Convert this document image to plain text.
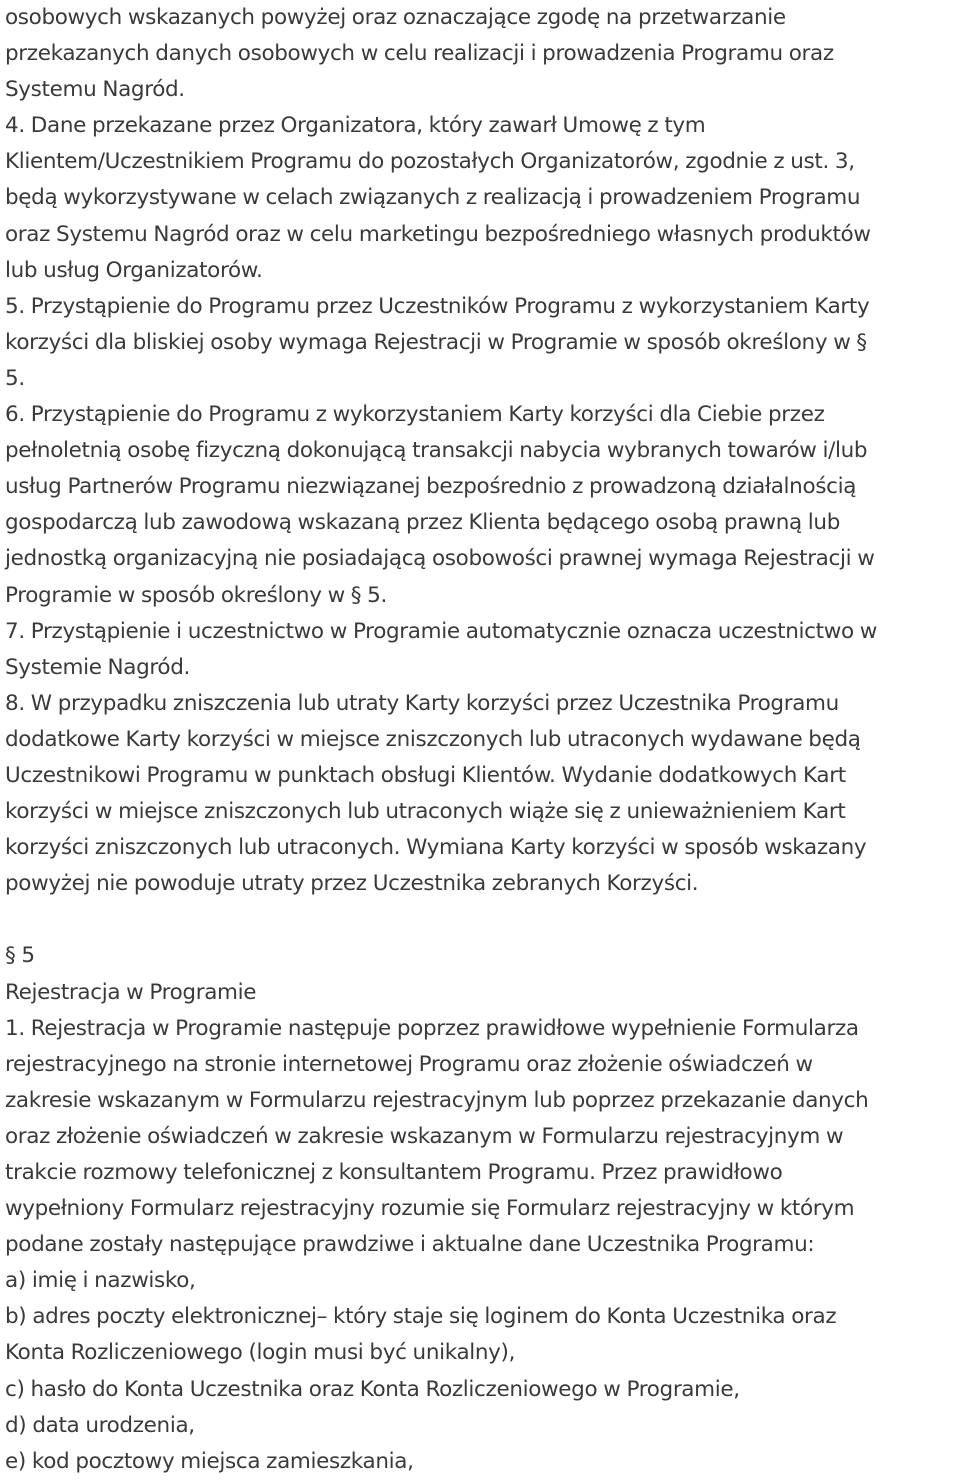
osobowych wskazanych powyżej oraz oznaczające zgodę na przetwarzanie
przekazanych danych osobowych w celu realizacji i prowadzenia Programu oraz
Systemu Nagród.
4. Dane przekazane przez Organizatora, który zawarł Umowę z tym
Klientem/Uczestnikiem Programu do pozostałych Organizatorów, zgodnie z ust. 3,
będą wykorzystywane w celach związanych z realizacją i prowadzeniem Programu
oraz Systemu Nagród oraz w celu marketingu bezpośredniego własnych produktów
lub usług Organizatorów.
5. Przystąpienie do Programu przez Uczestników Programu z wykorzystaniem Karty
korzyści dla bliskiej osoby wymaga Rejestracji w Programie w sposób określony w §
5.
6. Przystąpienie do Programu z wykorzystaniem Karty korzyści dla Ciebie przez
pełnoletnią osobę fizyczną dokonującą transakcji nabycia wybranych towarów i/lub
usług Partnerów Programu niezwiązanej bezpośrednio z prowadzoną działalnością
gospodarczą lub zawodową wskazaną przez Klienta będącego osobą prawną lub
jednostką organizacyjną nie posiadającą osobowości prawnej wymaga Rejestracji w
Programie w sposób określony w § 5.
7. Przystąpienie i uczestnictwo w Programie automatycznie oznacza uczestnictwo w
Systemie Nagród.
8. W przypadku zniszczenia lub utraty Karty korzyści przez Uczestnika Programu
dodatkowe Karty korzyści w miejsce zniszczonych lub utraconych wydawane będą
Uczestnikowi Programu w punktach obsługi Klientów. Wydanie dodatkowych Kart
korzyści w miejsce zniszczonych lub utraconych wiąże się z unieważnieniem Kart
korzyści zniszczonych lub utraconych. Wymiana Karty korzyści w sposób wskazany
powyżej nie powoduje utraty przez Uczestnika zebranych Korzyści.
§ 5
Rejestracja w Programie
1. Rejestracja w Programie następuje poprzez prawidłowe wypełnienie Formularza
rejestracyjnego na stronie internetowej Programu oraz złożenie oświadczeń w
zakresie wskazanym w Formularzu rejestracyjnym lub poprzez przekazanie danych
oraz złożenie oświadczeń w zakresie wskazanym w Formularzu rejestracyjnym w
trakcie rozmowy telefonicznej z konsultantem Programu. Przez prawidłowo
wypełniony Formularz rejestracyjny rozumie się Formularz rejestracyjny w którym
podane zostały następujące prawdziwe i aktualne dane Uczestnika Programu:
a) imię i nazwisko,
b) adres poczty elektronicznej– który staje się loginem do Konta Uczestnika oraz
Konta Rozliczeniowego (login musi być unikalny),
c) hasło do Konta Uczestnika oraz Konta Rozliczeniowego w Programie,
d) data urodzenia,
e) kod pocztowy miejsca zamieszkania,
